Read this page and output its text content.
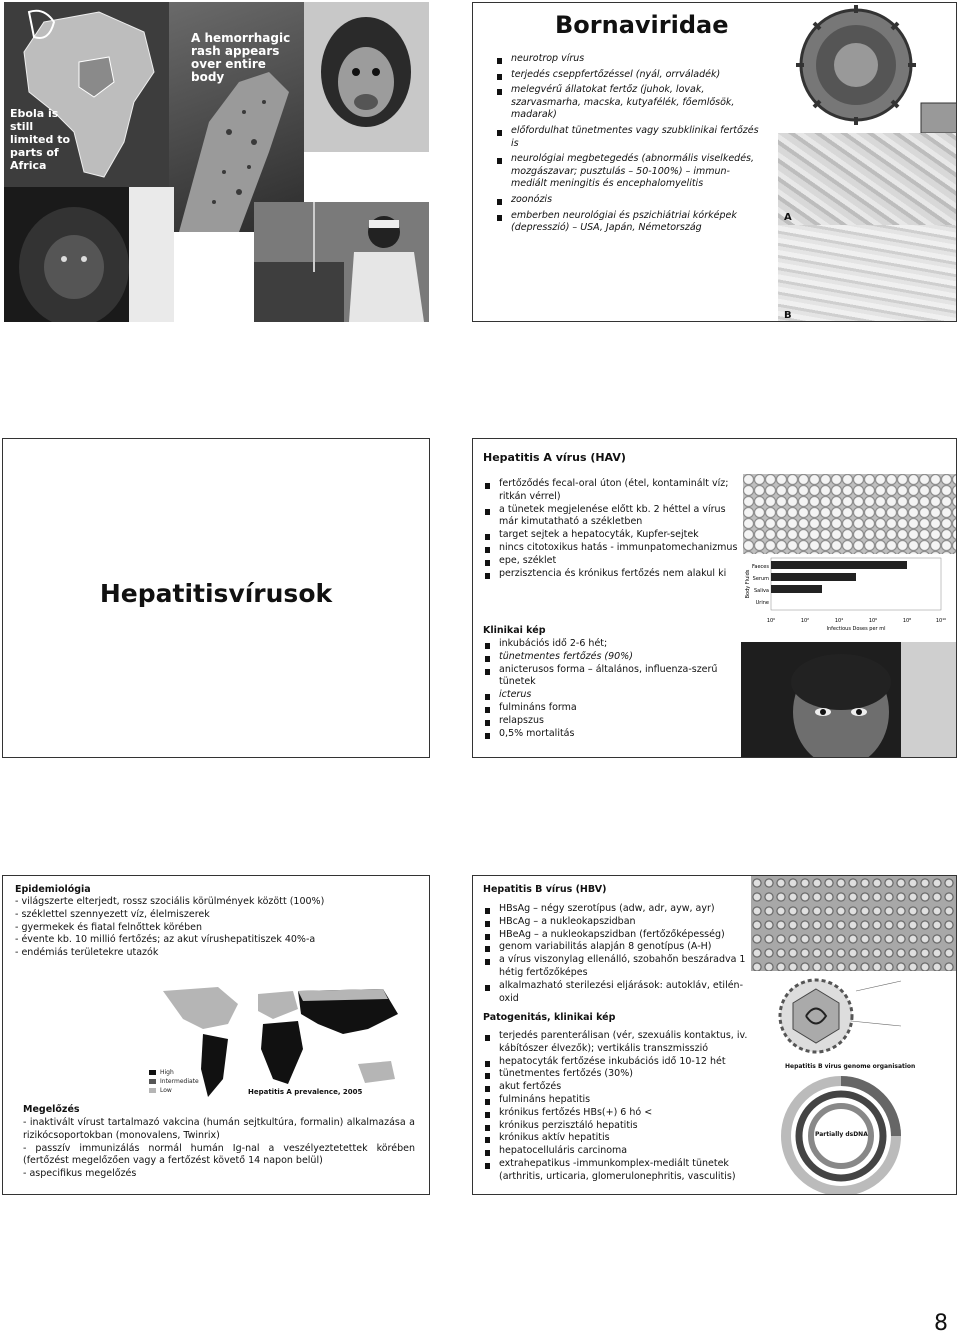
Ebola is still limited to parts of Africa
A hemorrhagic rash appears over entire body
Bornaviridae
neurotrop vírus
terjedés cseppfertőzéssel (nyál, orrváladék)
melegvérű állatokat fertőz (juhok, lovak, szarvasmarha, macska, kutyafélék, főemlősök, madarak)
előfordulhat tünetmentes vagy szubklinikai fertőzés is
neurológiai megbetegedés (abnormális viselkedés, mozgászavar; pusztulás – 50-100%) – immun-mediált meningitis és encephalomyelitis
zoonózis
emberben neurológiai és pszichiátriai kórképek (depresszió) – USA, Japán, Németország
A
B
Hepatitisvírusok
Hepatitis A vírus (HAV)
fertőződés fecal-oral úton (étel, kontaminált víz; ritkán vérrel)
a tünetek megjelenése előtt kb. 2 héttel a vírus már kimutatható a székletben
target sejtek a hepatocyták, Kupfer-sejtek
nincs citotoxikus hatás - immunpatomechanizmus
epe, széklet
perzisztencia és krónikus fertőzés nem alakul ki
Faeces
Serum
Saliva
Urine
Body Fluids
10⁰	10²	10⁴	10⁶	10⁸	10¹⁰
Infectious Doses per ml
Klinikai kép
inkubációs idő 2-6 hét;
tünetmentes fertőzés (90%)
anicterusos forma – általános, influenza-szerű tünetek
icterus
fulmináns forma
relapszus
0,5% mortalitás
Epidemiológia
- világszerte elterjedt, rossz szociális körülmények között (100%)
- széklettel szennyezett víz, élelmiszerek
- gyermekek és fiatal felnőttek körében
- évente kb. 10 millió fertőzés; az akut vírushepatitiszek 40%-a
- endémiás területekre utazók
High
Intermediate
Low	Hepatitis A prevalence, 2005
Megelőzés
- inaktivált vírust tartalmazó vakcina (humán sejtkultúra, formalin) alkalmazása a rizikócsoportokban (monovalens, Twinrix)
- passzív immunizálás normál humán Ig-nal a veszélyeztetettek körében (fertőzést megelőzően vagy a fertőzést követő 14 napon belül)
- aspecifikus megelőzés
Hepatitis B vírus (HBV)
HBsAg – négy szerotípus (adw, adr, ayw, ayr)
HBcAg – a nukleokapszidban
HBeAg – a nukleokapszidban (fertőzőképesség)
genom variabilitás alapján 8 genotípus (A-H)
a vírus viszonylag ellenálló, szobahőn beszáradva 1 hétig fertőzőképes
alkalmazható sterilezési eljárások: autokláv, etilén-oxid
Patogenitás, klinikai kép
terjedés parenterálisan (vér, szexuális kontaktus, iv. kábítószer élvezők); vertikális transzmisszió
hepatocyták fertőzése inkubációs idő 10-12 hét
tünetmentes fertőzés (30%)
akut fertőzés
fulmináns hepatitis
krónikus fertőzés HBs(+) 6 hó <
krónikus perzisztáló hepatitis
krónikus aktív hepatitis
hepatocelluláris carcinoma
extrahepatikus -immunkomplex-mediált tünetek (arthritis, urticaria, glomerulonephritis, vasculitis)
Hepatitis B virus genome organisation
Partially dsDNA
8
